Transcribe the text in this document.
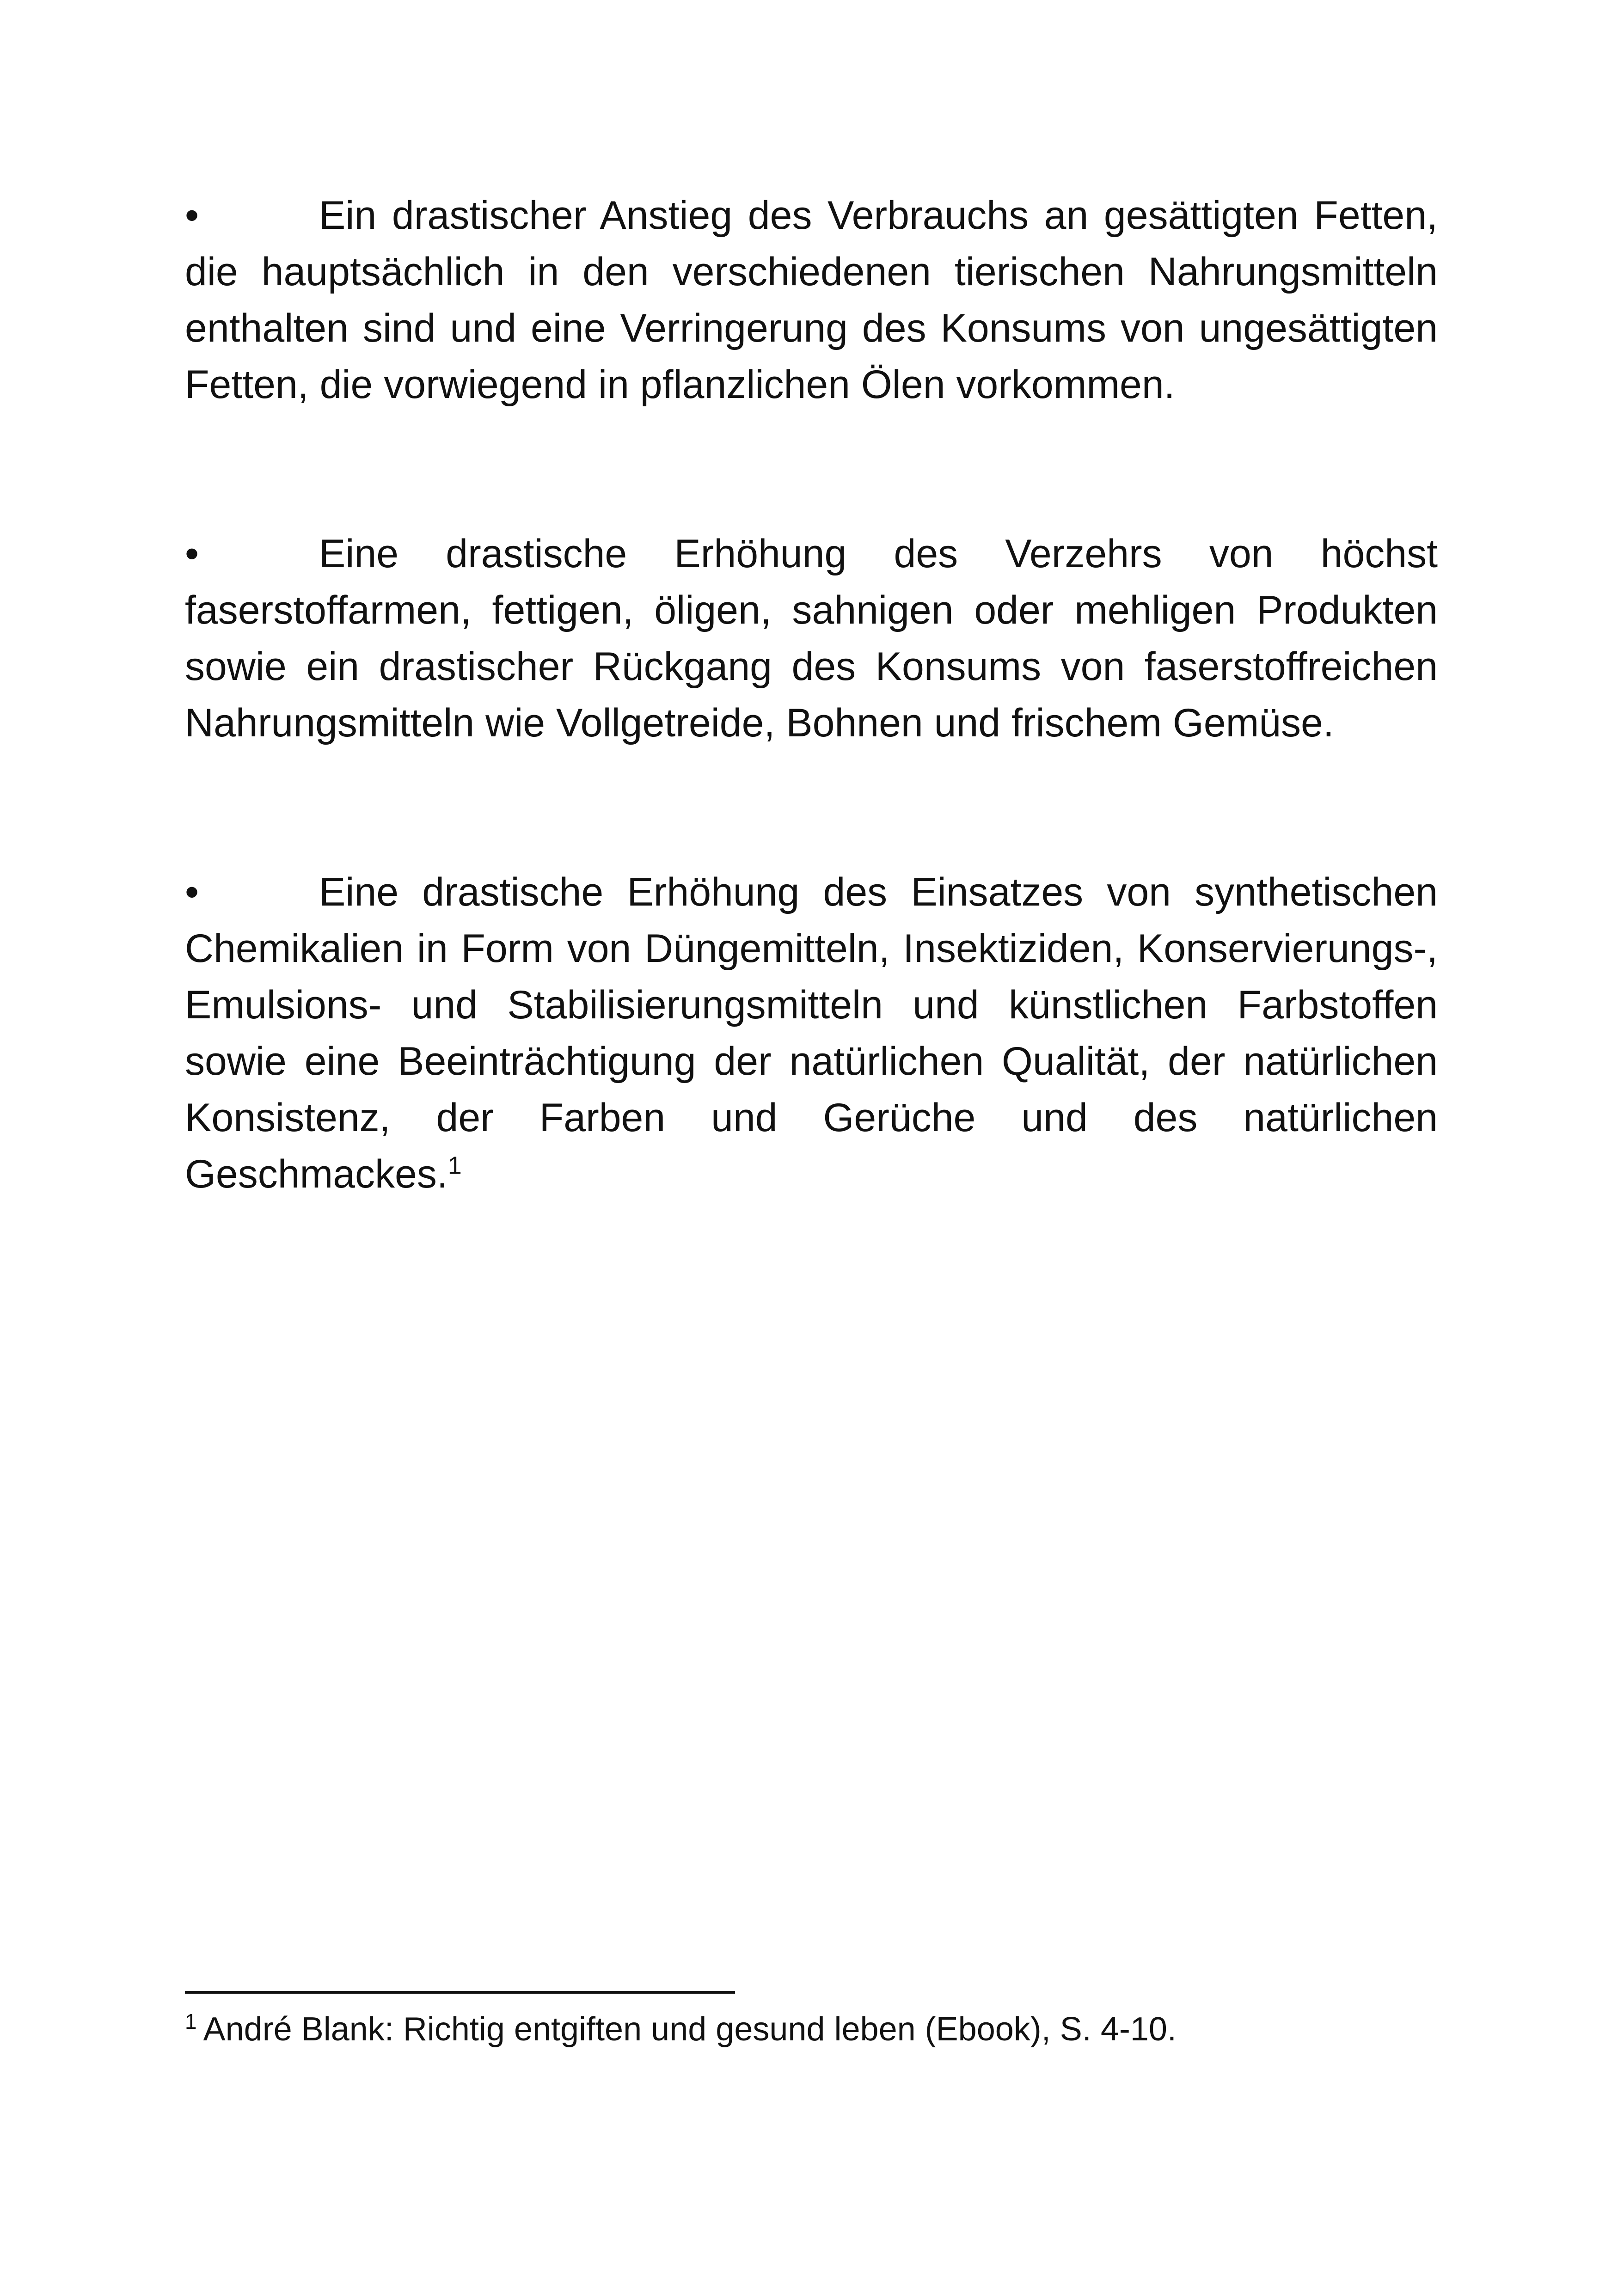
•	Ein drastischer Anstieg des Verbrauchs an gesättigten Fetten, die hauptsächlich in den verschiedenen tierischen Nahrungsmitteln enthalten sind und eine Verringerung des Konsums von ungesättigten Fetten, die vorwiegend in pflanzlichen Ölen vorkommen.

•	Eine drastische Erhöhung des Verzehrs von höchst faserstoffarmen, fettigen, öligen, sahnigen oder mehligen Produkten sowie ein drastischer Rückgang des Konsums von faserstoffreichen Nahrungsmitteln wie Vollgetreide, Bohnen und frischem Gemüse.

•	Eine drastische Erhöhung des Einsatzes von synthetischen Chemikalien in Form von Düngemitteln, Insektiziden, Konservierungs-, Emulsions- und Stabilisierungsmitteln und künstlichen Farbstoffen sowie eine Beeinträchtigung der natürlichen Qualität, der natürlichen Konsistenz, der Farben und Gerüche und des natürlichen Geschmackes.$^1$

$^1$ André Blank: Richtig entgiften und gesund leben (Ebook), S. 4-10.
